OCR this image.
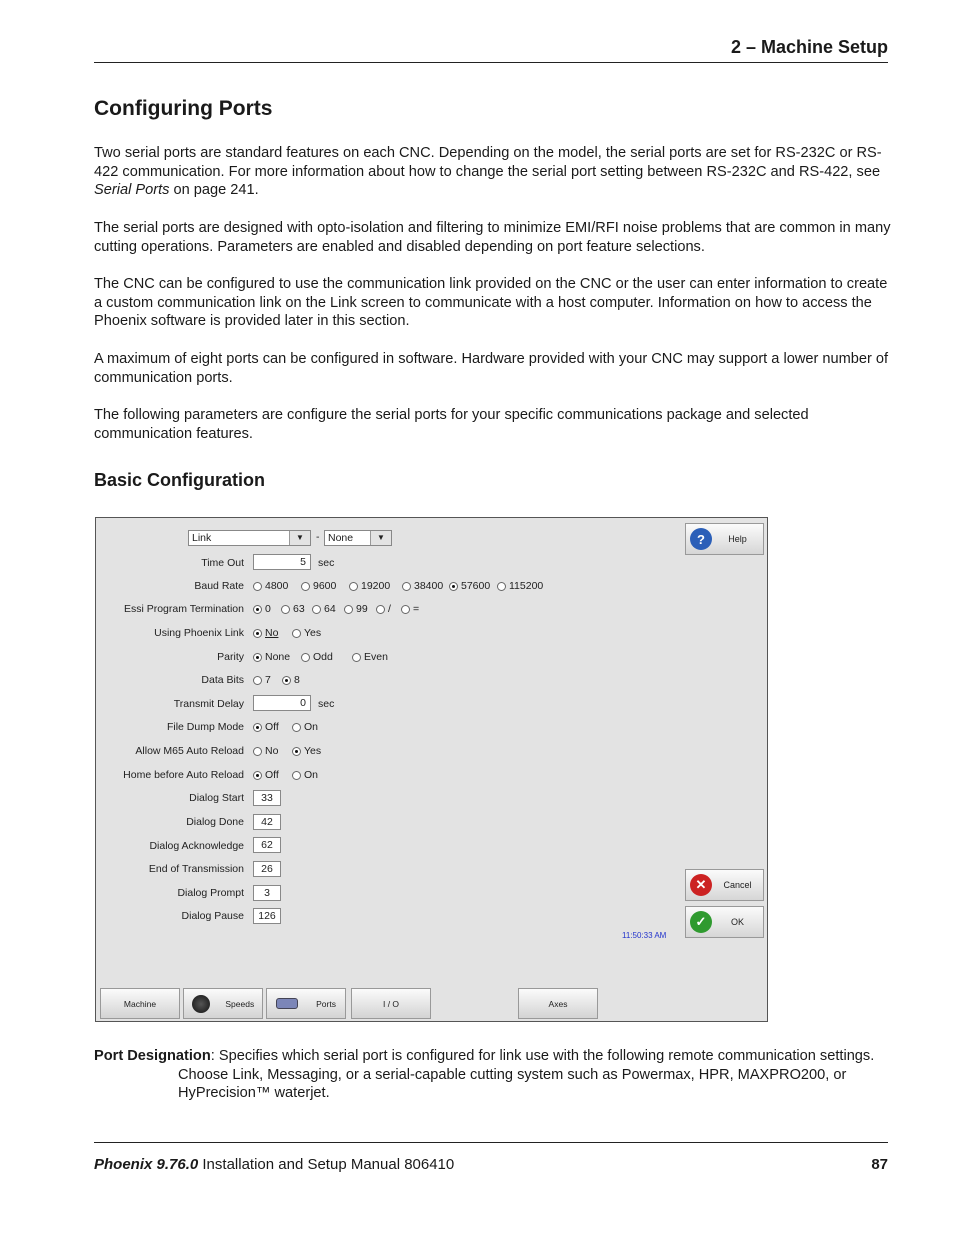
2 – Machine Setup
Configuring Ports

Two serial ports are standard features on each CNC. Depending on the model, the serial ports are set for RS-232C or RS-422 communication. For more information about how to change the serial port setting between RS-232C and RS-422, see Serial Ports on page 241.

The serial ports are designed with opto-isolation and filtering to minimize EMI/RFI noise problems that are common in many cutting operations. Parameters are enabled and disabled depending on port feature selections.
The CNC can be configured to use the communication link provided on the CNC or the user can enter information to create a custom communication link on the Link screen to communicate with a host computer. Information on how to access the Phoenix software is provided later in this section.
A maximum of eight ports can be configured in software. Hardware provided with your CNC may support a lower number of communication ports.
The following parameters are configure the serial ports for your specific communications package and selected communication features.
Basic Configuration
Link	▼	- None	▼
Time Out	5	sec
Baud Rate 4800 9600 19200 38400 57600 115200
Essi Program Termination 0 63 64 99 / =
Using Phoenix Link No Yes
Parity None Odd	Even
Data Bits 7 8
Transmit Delay	0	sec
File Dump Mode Off On
Allow M65 Auto Reload No Yes
Home before Auto Reload Off On
Dialog Start	33
Dialog Done	42
Dialog Acknowledge	62
End of Transmission	26
Dialog Prompt	3
Dialog Pause	126
?	Help
✕	Cancel
✓	OK
11:50:33 AM
Machine	Speeds	Ports	I / O	Axes

Port Designation: Specifies which serial port is configured for link use with the following remote communication settings. Choose Link, Messaging, or a serial-capable cutting system such as Powermax, HPR, MAXPRO200, or HyPrecision™ waterjet.

Phoenix 9.76.0 Installation and Setup Manual 806410	87
